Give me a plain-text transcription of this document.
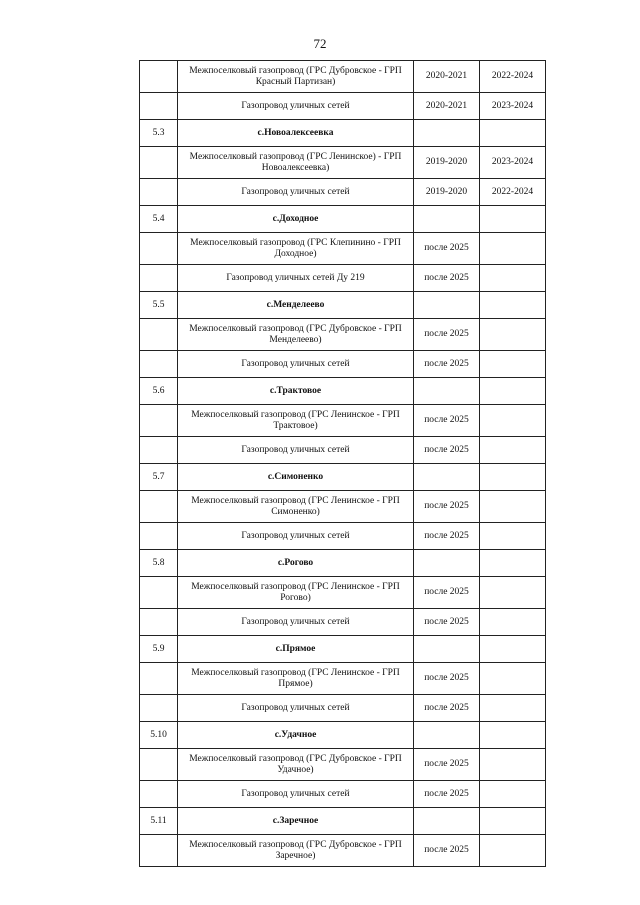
72
	Межпоселковый газопровод (ГРС Дубровское - ГРП Красный Партизан)	2020-2021	2022-2024
	Газопровод уличных сетей	2020-2021	2023-2024
5.3	с.Новоалексеевка		
	Межпоселковый газопровод (ГРС Ленинское) - ГРП Новоалексеевка)	2019-2020	2023-2024
	Газопровод уличных сетей	2019-2020	2022-2024
5.4	с.Доходное		
	Межпоселковый газопровод (ГРС Клепинино - ГРП Доходное)	после 2025	
	Газопровод уличных сетей Ду 219	после 2025	
5.5	с.Менделеево		
	Межпоселковый газопровод (ГРС Дубровское - ГРП Менделеево)	после 2025	
	Газопровод уличных сетей	после 2025	
5.6	с.Трактовое		
	Межпоселковый газопровод (ГРС Ленинское - ГРП Трактовое)	после 2025	
	Газопровод уличных сетей	после 2025	
5.7	с.Симоненко		
	Межпоселковый газопровод (ГРС Ленинское - ГРП Симоненко)	после 2025	
	Газопровод уличных сетей	после 2025	
5.8	с.Рогово		
	Межпоселковый газопровод (ГРС Ленинское - ГРП Рогово)	после 2025	
	Газопровод уличных сетей	после 2025	
5.9	с.Прямое		
	Межпоселковый газопровод (ГРС Ленинское - ГРП Прямое)	после 2025	
	Газопровод уличных сетей	после 2025	
5.10	с.Удачное		
	Межпоселковый газопровод (ГРС Дубровское - ГРП Удачное)	после 2025	
	Газопровод уличных сетей	после 2025	
5.11	с.Заречное		
	Межпоселковый газопровод (ГРС Дубровское - ГРП Заречное)	после 2025	
